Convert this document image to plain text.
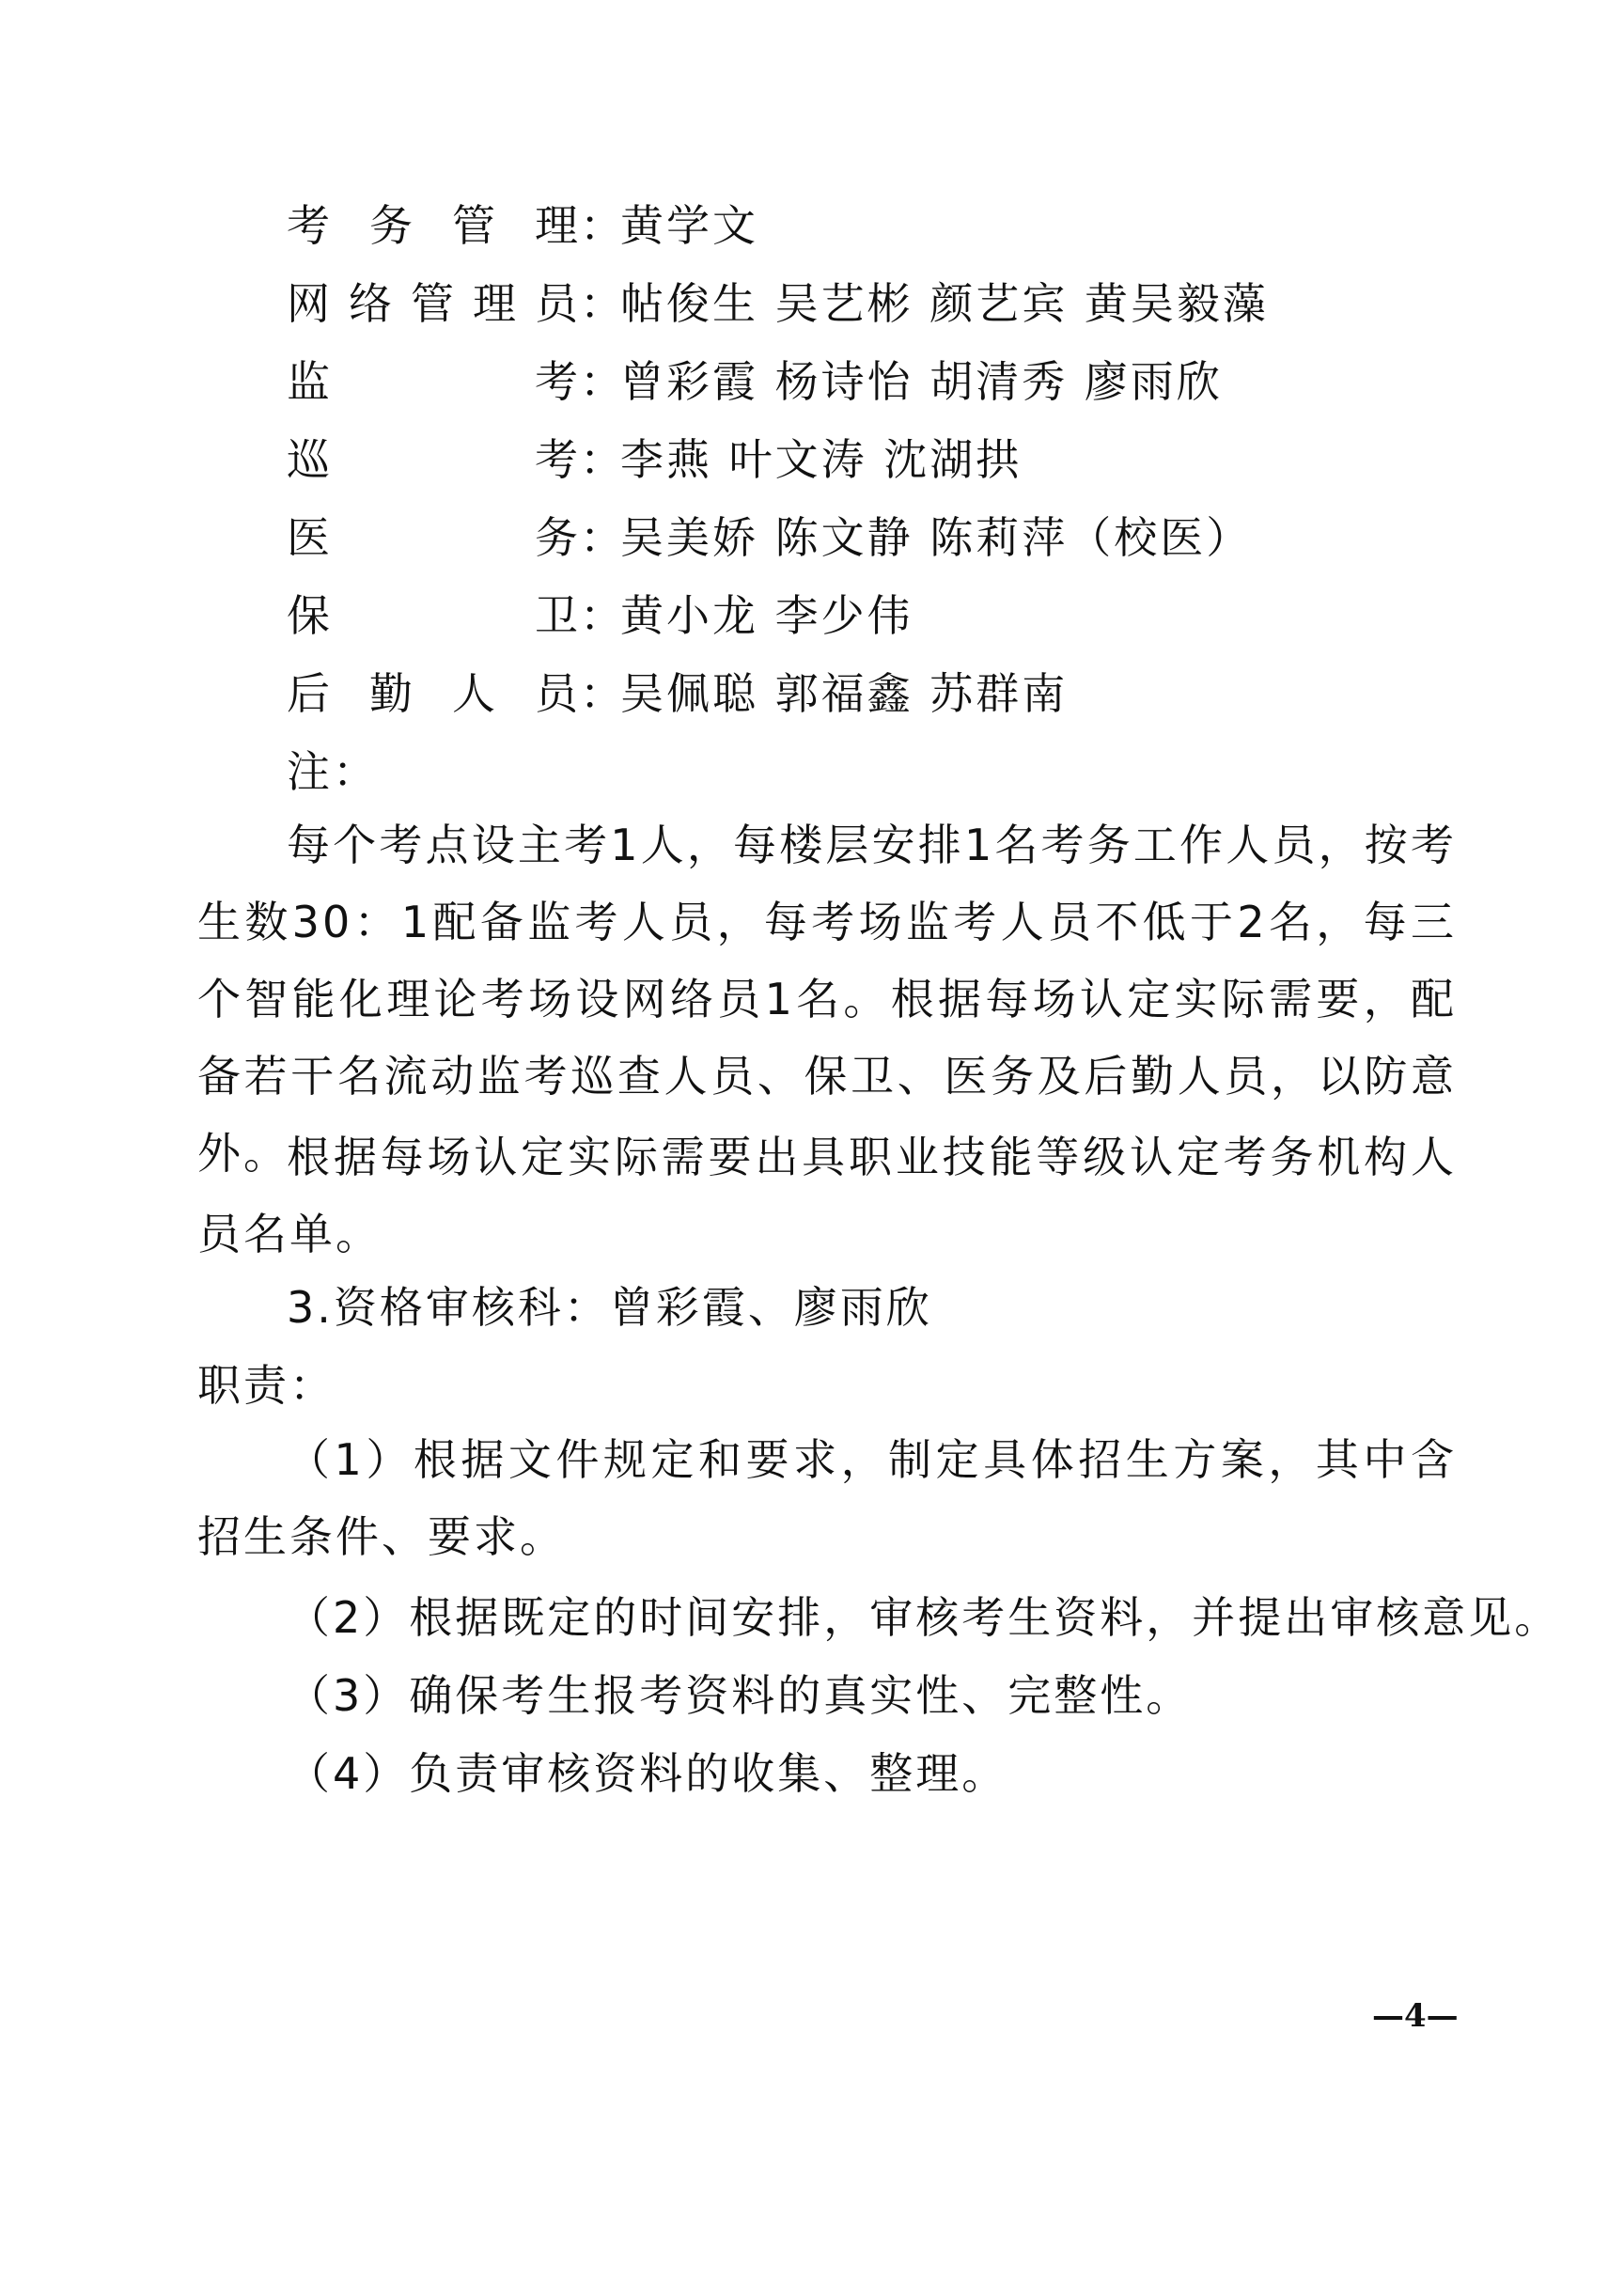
考务管理 ：
黄学文
网络管理员 ：
帖俊生 吴艺彬 颜艺宾 黄吴毅藻
监考 ：
曾彩霞 杨诗怡 胡清秀 廖雨欣
巡考 ：
李燕 叶文涛 沈湖拱
医务 ：
吴美娇 陈文静 陈莉萍（校医）
保卫 ：
黄小龙 李少伟
后勤人员 ：
吴佩聪 郭福鑫 苏群南
注：
每个考点设主考1人，每楼层安排1名考务工作人员，按考生数30：1配备监考人员，每考场监考人员不低于2名，每三个智能化理论考场设网络员1名。根据每场认定实际需要，配备若干名流动监考巡查人员、保卫、医务及后勤人员，以防意外。
根据每场认定实际需要出具职业技能等级认定考务机构人员名单。
3.资格审核科：曾彩霞、廖雨欣
职责：
（1）根据文件规定和要求，制定具体招生方案，其中含招生条件、要求。
（2）根据既定的时间安排，审核考生资料，并提出审核意见。
（3）确保考生报考资料的真实性、完整性。
（4）负责审核资料的收集、整理。
—4—
